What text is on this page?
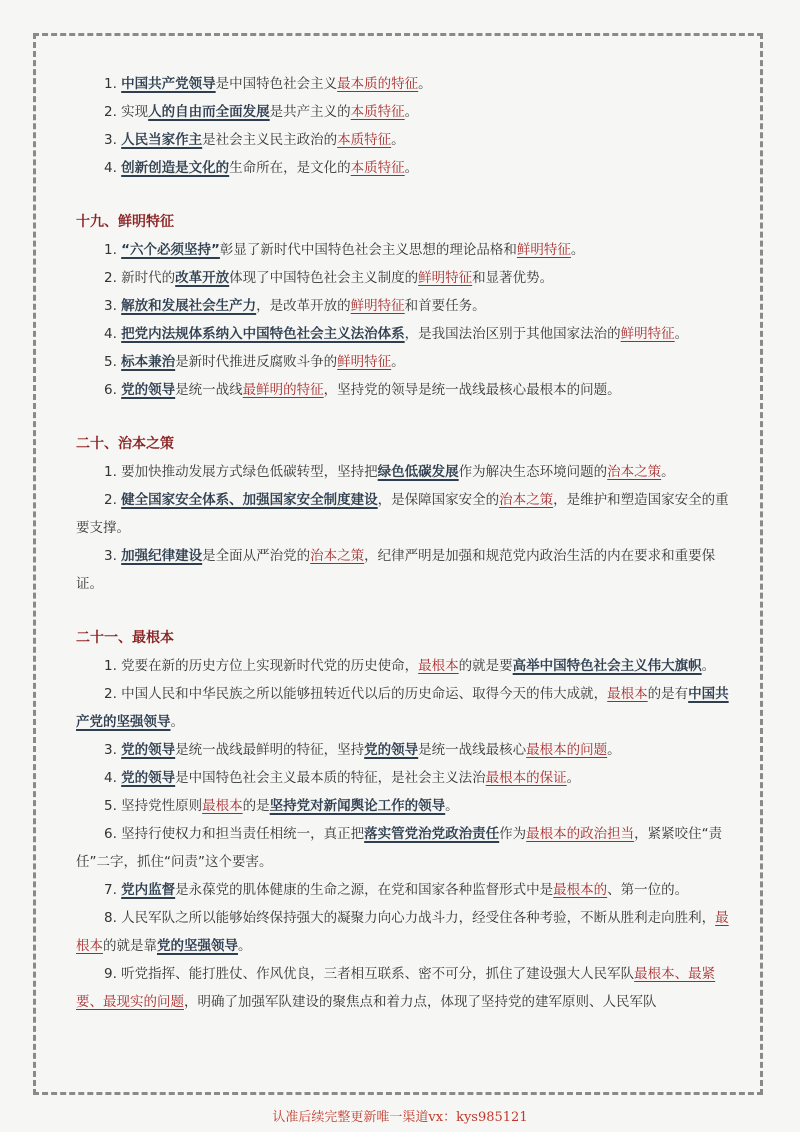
1. 中国共产党领导是中国特色社会主义最本质的特征。

2. 实现人的自由而全面发展是共产主义的本质特征。

3. 人民当家作主是社会主义民主政治的本质特征。

4. 创新创造是文化的生命所在，是文化的本质特征。

十九、鲜明特征

1. “六个必须坚持”彰显了新时代中国特色社会主义思想的理论品格和鲜明特征。

2. 新时代的改革开放体现了中国特色社会主义制度的鲜明特征和显著优势。

3. 解放和发展社会生产力，是改革开放的鲜明特征和首要任务。

4. 把党内法规体系纳入中国特色社会主义法治体系，是我国法治区别于其他国家法治的鲜明特征。

5. 标本兼治是新时代推进反腐败斗争的鲜明特征。

6. 党的领导是统一战线最鲜明的特征，坚持党的领导是统一战线最核心最根本的问题。

二十、治本之策

1. 要加快推动发展方式绿色低碳转型，坚持把绿色低碳发展作为解决生态环境问题的治本之策。

2. 健全国家安全体系、加强国家安全制度建设，是保障国家安全的治本之策，是维护和塑造国家安全的重要支撑。

3. 加强纪律建设是全面从严治党的治本之策，纪律严明是加强和规范党内政治生活的内在要求和重要保证。

二十一、最根本

1. 党要在新的历史方位上实现新时代党的历史使命，最根本的就是要高举中国特色社会主义伟大旗帜。

2. 中国人民和中华民族之所以能够扭转近代以后的历史命运、取得今天的伟大成就，最根本的是有中国共产党的坚强领导。

3. 党的领导是统一战线最鲜明的特征，坚持党的领导是统一战线最核心最根本的问题。

4. 党的领导是中国特色社会主义最本质的特征，是社会主义法治最根本的保证。

5. 坚持党性原则最根本的是坚持党对新闻舆论工作的领导。

6. 坚持行使权力和担当责任相统一，真正把落实管党治党政治责任作为最根本的政治担当，紧紧咬住“责任”二字，抓住“问责”这个要害。

7. 党内监督是永葆党的肌体健康的生命之源，在党和国家各种监督形式中是最根本的、第一位的。

8. 人民军队之所以能够始终保持强大的凝聚力向心力战斗力，经受住各种考验，不断从胜利走向胜利，最根本的就是靠党的坚强领导。

9. 听党指挥、能打胜仗、作风优良，三者相互联系、密不可分，抓住了建设强大人民军队最根本、最紧要、最现实的问题，明确了加强军队建设的聚焦点和着力点，体现了坚持党的建军原则、人民军队

认准后续完整更新唯一渠道vx：kys985121
